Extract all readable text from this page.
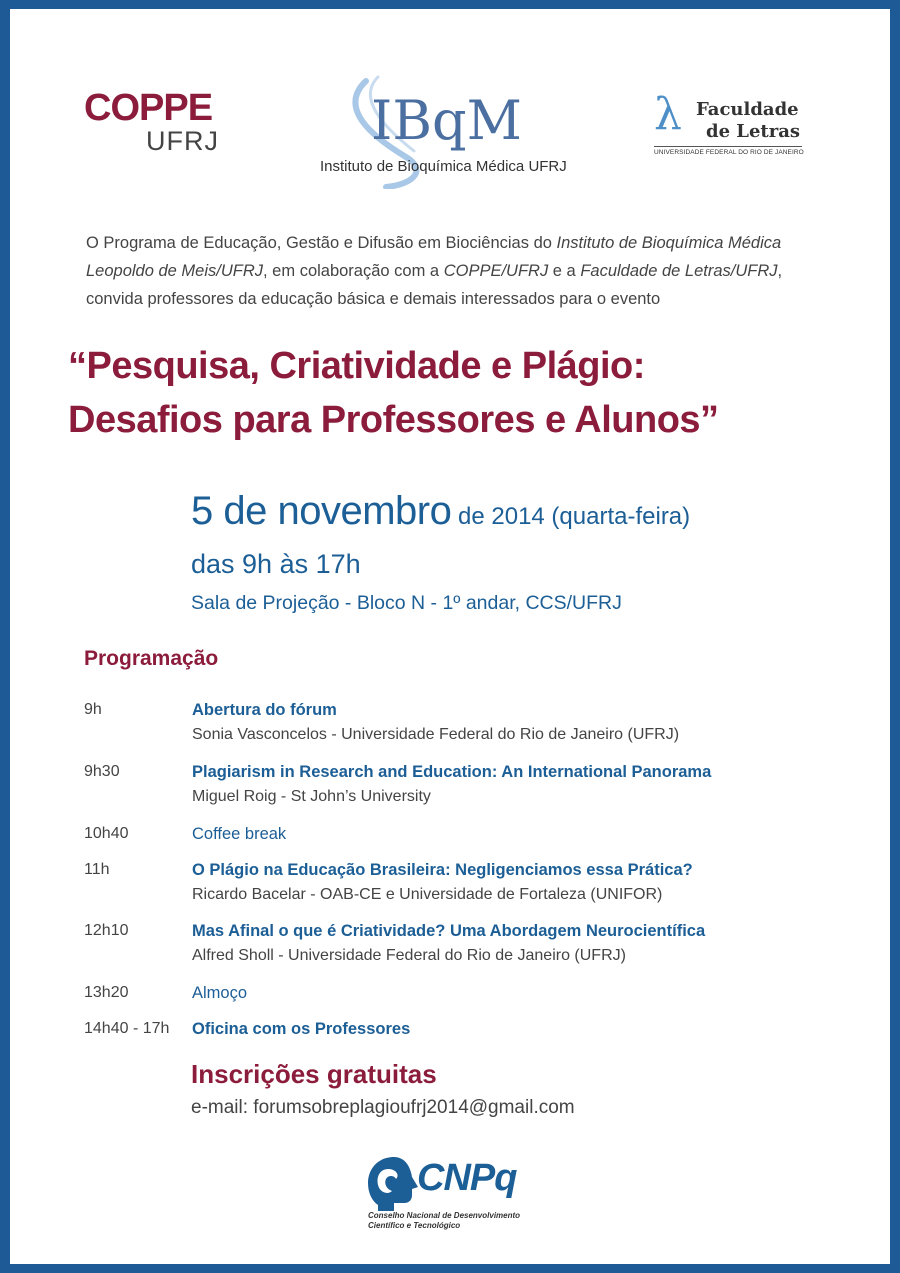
COPPE
UFRJ	IBqM
Instituto de Bioquímica Médica UFRJ
λ Faculdade
de Letras
UNIVERSIDADE FEDERAL DO RIO DE JANEIRO
O Programa de Educação, Gestão e Difusão em Biociências do Instituto de Bioquímica Médica Leopoldo de Meis/UFRJ, em colaboração com a COPPE/UFRJ e a Faculdade de Letras/UFRJ, convida professores da educação básica e demais interessados para o evento
“Pesquisa, Criatividade e Plágio:
Desafios para Professores e Alunos”
5 de novembro de 2014 (quarta-feira)
das 9h às 17h
Sala de Projeção - Bloco N - 1º andar, CCS/UFRJ
Programação
9h	Abertura do fórum
Sonia Vasconcelos - Universidade Federal do Rio de Janeiro (UFRJ)
9h30	Plagiarism in Research and Education: An International Panorama
Miguel Roig - St John’s University
10h40	Coffee break
11h	O Plágio na Educação Brasileira: Negligenciamos essa Prática?
Ricardo Bacelar - OAB-CE e Universidade de Fortaleza (UNIFOR)
12h10	Mas Afinal o que é Criatividade? Uma Abordagem Neurocientífica
Alfred Sholl - Universidade Federal do Rio de Janeiro (UFRJ)
13h20	Almoço
14h40 - 17h Oficina com os Professores
Inscrições gratuitas
e-mail: forumsobreplagioufrj2014@gmail.com
CNPq
Conselho Nacional de Desenvolvimento
Científico e Tecnológico
